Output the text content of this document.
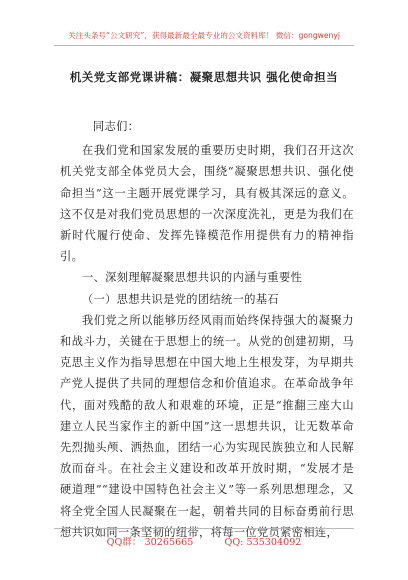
关注头条号“公文研究”，获得最新最全最专业的公文资料库！ 微信：gongwenyj
机关党支部党课讲稿：凝聚思想共识 强化使命担当

同志们：

在我们党和国家发展的重要历史时期，我们召开这次机关党支部全体党员大会，围绕“凝聚思想共识、强化使命担当”这一主题开展党课学习，具有极其深远的意义。这不仅是对我们党员思想的一次深度洗礼，更是为我们在新时代履行使命、发挥先锋模范作用提供有力的精神指引。

一、深刻理解凝聚思想共识的内涵与重要性

（一）思想共识是党的团结统一的基石

我们党之所以能够历经风雨而始终保持强大的凝聚力和战斗力，关键在于思想上的统一。从党的创建初期，马克思主义作为指导思想在中国大地上生根发芽，为早期共产党人提供了共同的理想信念和价值追求。在革命战争年代，面对残酷的敌人和艰难的环境，正是“推翻三座大山建立人民当家作主的新中国”这一思想共识，让无数革命先烈抛头颅、洒热血，团结一心为实现民族独立和人民解放而奋斗。在社会主义建设和改革开放时期，“发展才是硬道理”“建设中国特色社会主义”等一系列思想理念，又将全党全国人民凝聚在一起，朝着共同的目标奋勇前行思想共识如同一条坚韧的纽带，将每一位党员紧密相连，

QQ群： 30265665	QQ: 535304092
